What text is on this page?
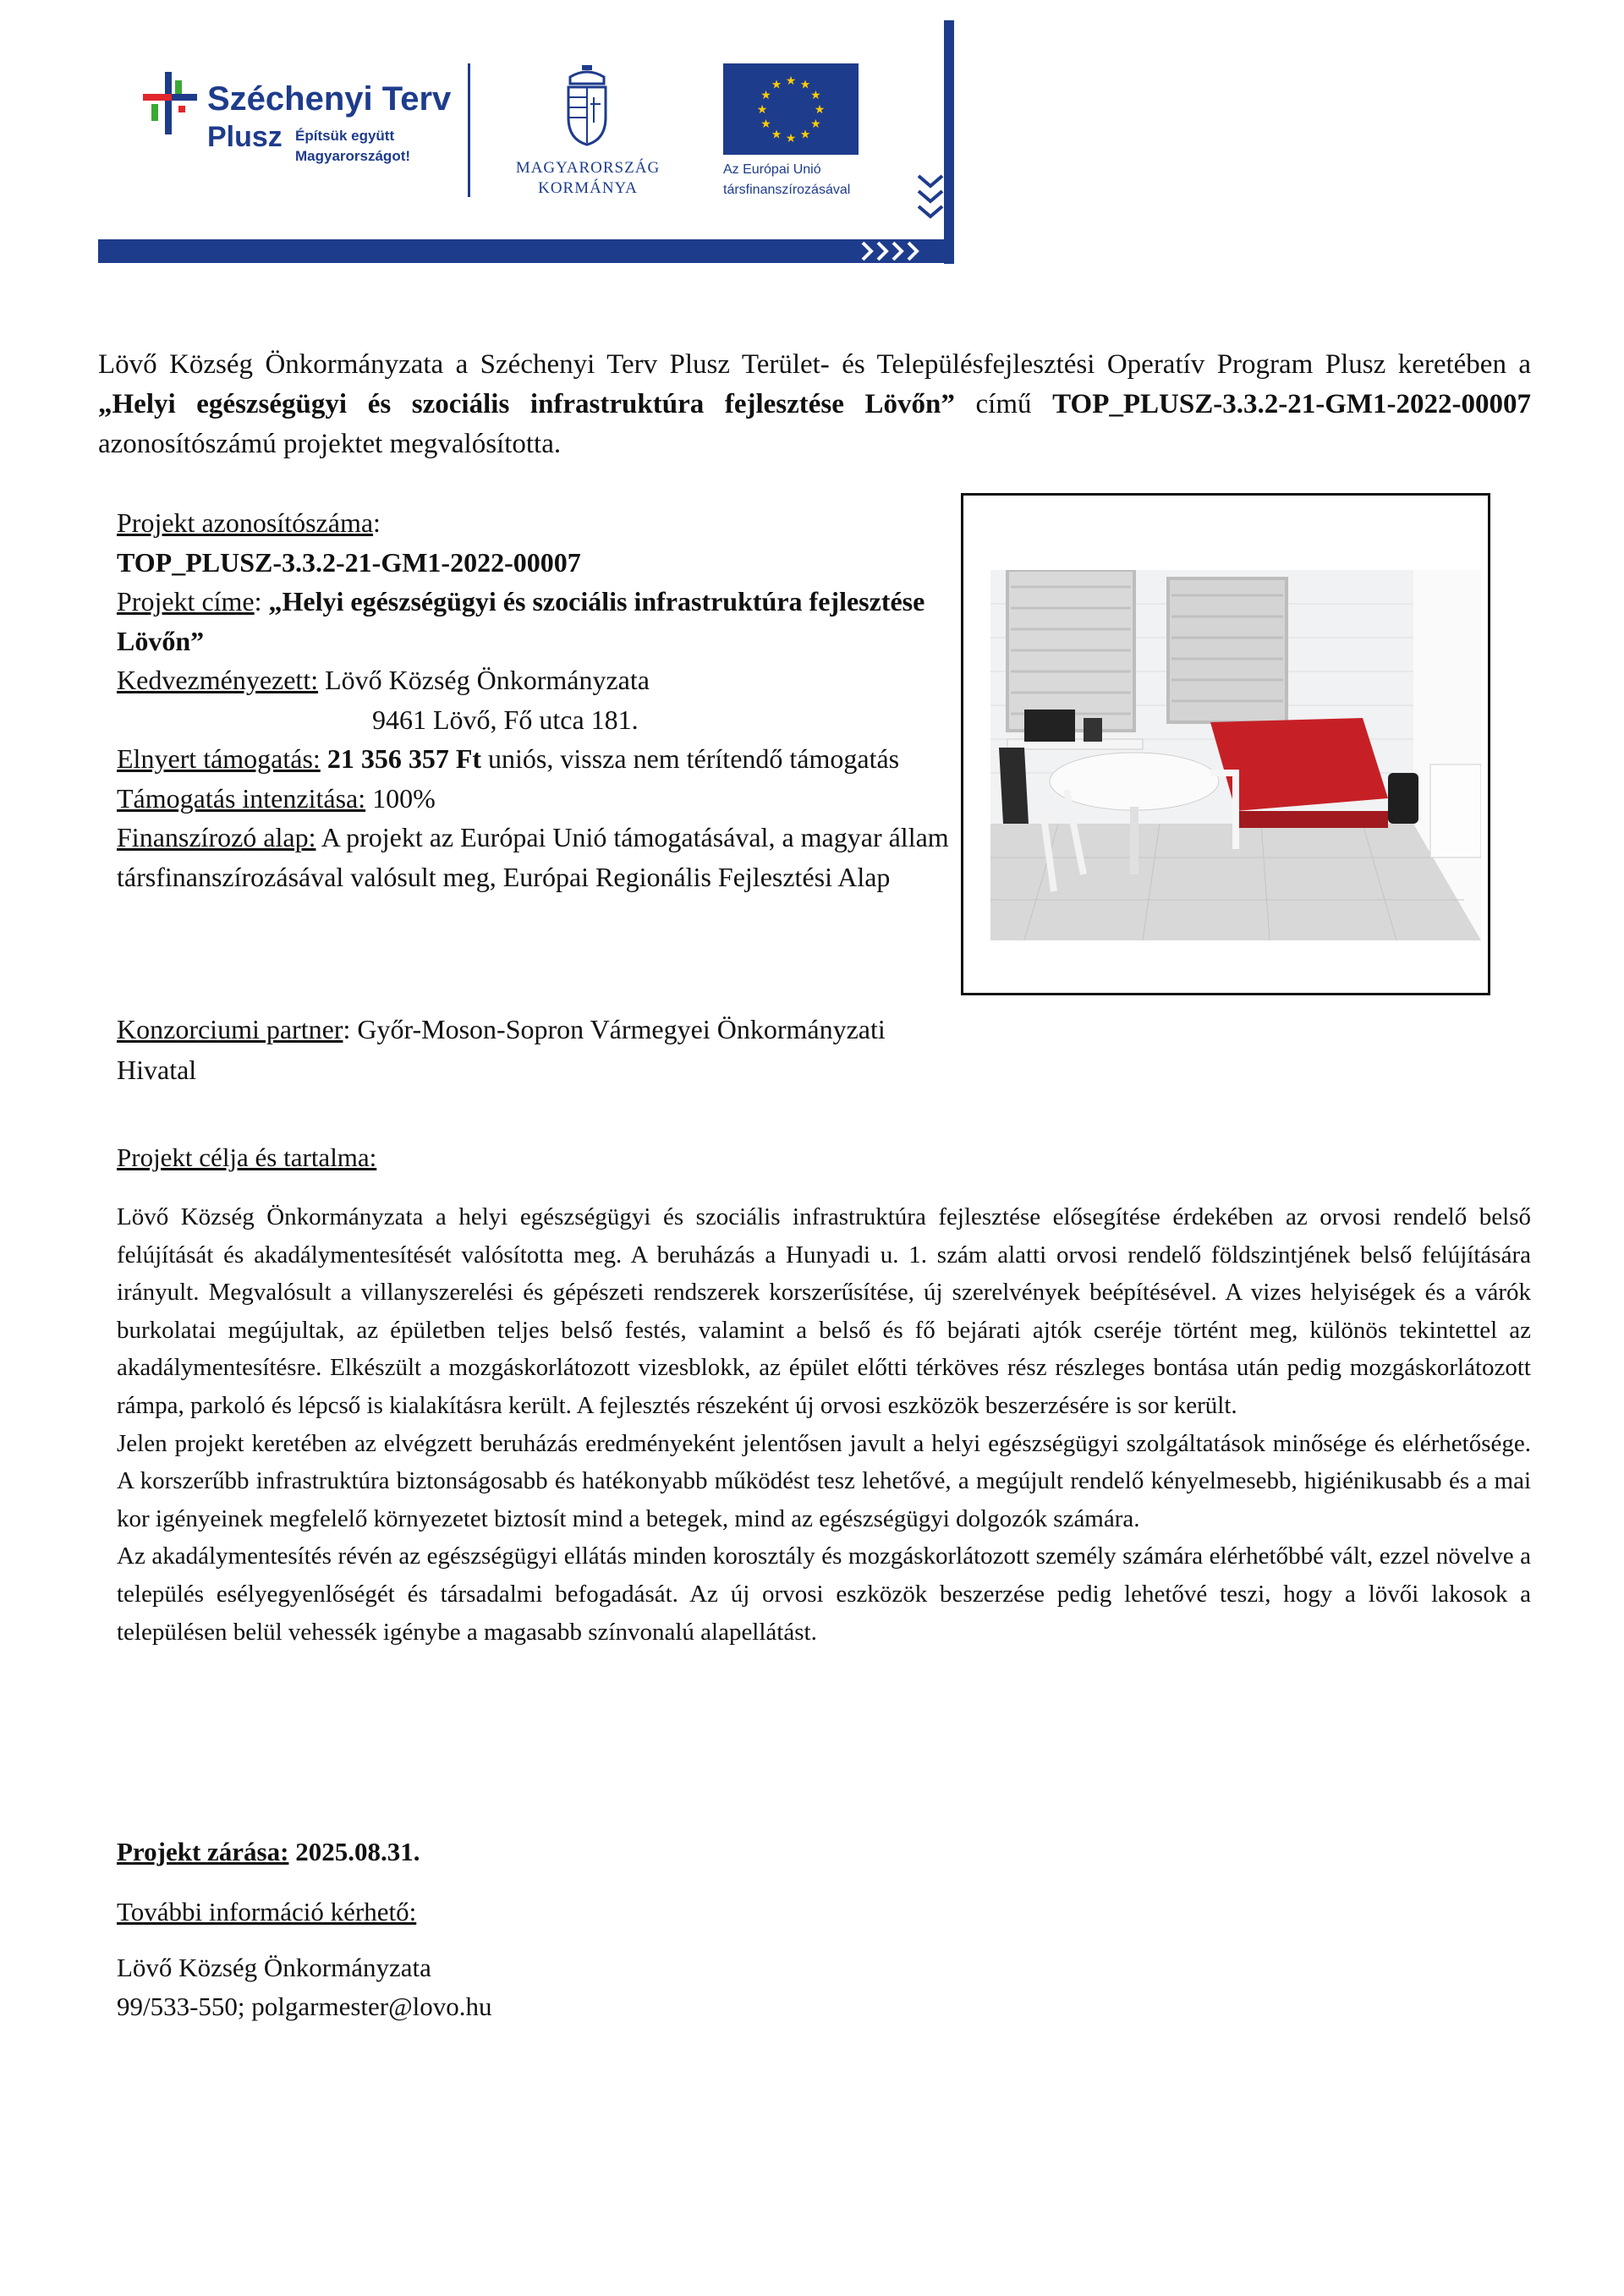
Széchenyi Terv
Plusz Építsük együtt
Magyarországot!
MAGYARORSZÁG
KORMÁNYA
★ ★
★
★
★
★
★
★
★
★
★
★
Az Európai Unió
társfinanszírozásával
Lövő Község Önkormányzata a Széchenyi Terv Plusz Terület- és Településfejlesztési Operatív Program Plusz keretében a „Helyi egészségügyi és szociális infrastruktúra fejlesztése Lövőn” című TOP_PLUSZ-3.3.2-21-GM1-2022-00007 azonosítószámú projektet megvalósította.
Projekt azonosítószáma:
TOP_PLUSZ-3.3.2-21-GM1-2022-00007
Projekt címe: „Helyi egészségügyi és szociális infrastruktúra fejlesztése Lövőn”
Kedvezményezett: Lövő Község Önkormányzata
9461 Lövő, Fő utca 181.
Elnyert támogatás: 21 356 357 Ft uniós, vissza nem térítendő támogatás
Támogatás intenzitása: 100%
Finanszírozó alap: A projekt az Európai Unió támogatásával, a magyar állam társfinanszírozásával valósult meg, Európai Regionális Fejlesztési Alap
Konzorciumi partner: Győr-Moson-Sopron Vármegyei Önkormányzati Hivatal
Projekt célja és tartalma:

Lövő Község Önkormányzata a helyi egészségügyi és szociális infrastruktúra fejlesztése elősegítése érdekében az orvosi rendelő belső felújítását és akadálymentesítését valósította meg. A beruházás a Hunyadi u. 1. szám alatti orvosi rendelő földszintjének belső felújítására irányult. Megvalósult a villanyszerelési és gépészeti rendszerek korszerűsítése, új szerelvények beépítésével. A vizes helyiségek és a várók burkolatai megújultak, az épületben teljes belső festés, valamint a belső és fő bejárati ajtók cseréje történt meg, különös tekintettel az akadálymentesítésre. Elkészült a mozgáskorlátozott vizesblokk, az épület előtti térköves rész részleges bontása után pedig mozgáskorlátozott rámpa, parkoló és lépcső is kialakításra került. A fejlesztés részeként új orvosi eszközök beszerzésére is sor került.

Jelen projekt keretében az elvégzett beruházás eredményeként jelentősen javult a helyi egészségügyi szolgáltatások minősége és elérhetősége. A korszerűbb infrastruktúra biztonságosabb és hatékonyabb működést tesz lehetővé, a megújult rendelő kényelmesebb, higiénikusabb és a mai kor igényeinek megfelelő környezetet biztosít mind a betegek, mind az egészségügyi dolgozók számára.

Az akadálymentesítés révén az egészségügyi ellátás minden korosztály és mozgáskorlátozott személy számára elérhetőbbé vált, ezzel növelve a település esélyegyenlőségét és társadalmi befogadását. Az új orvosi eszközök beszerzése pedig lehetővé teszi, hogy a lövői lakosok a településen belül vehessék igénybe a magasabb színvonalú alapellátást.

Projekt zárása: 2025.08.31.
További információ kérhető:
Lövő Község Önkormányzata
99/533-550; polgarmester@lovo.hu
